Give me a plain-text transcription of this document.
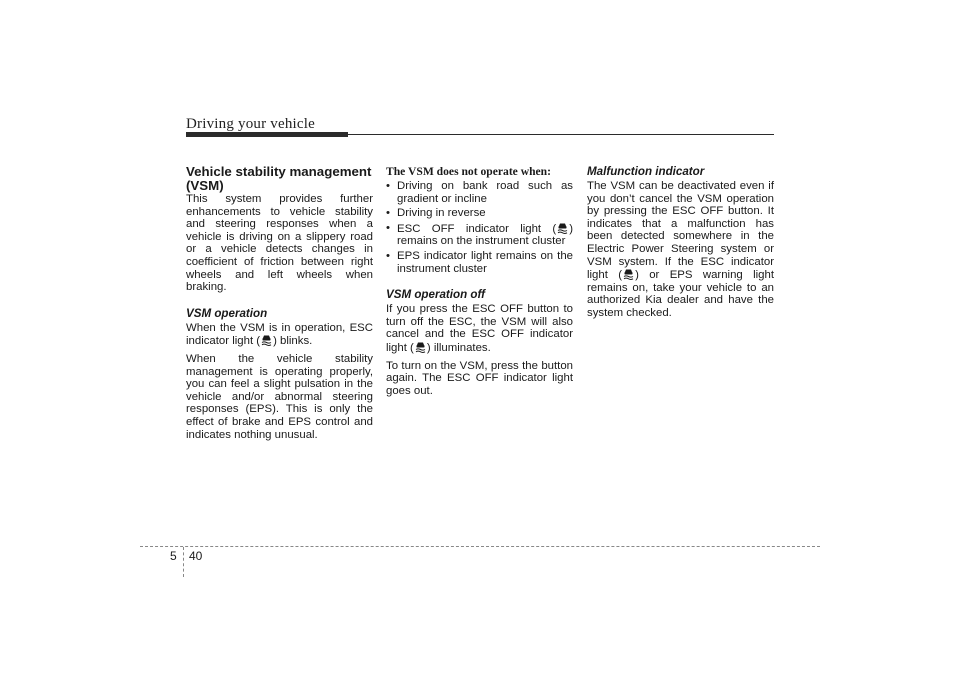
Driving your vehicle
Vehicle stability management (VSM)

This system provides further enhancements to vehicle stability and steering responses when a vehicle is driving on a slippery road or a vehicle detects changes in coefficient of friction between right wheels and left wheels when braking.

VSM operation

When the VSM is in operation, ESC indicator light ( ) blinks.

When the vehicle stability management is operating properly, you can feel a slight pulsation in the vehicle and/or abnormal steering responses (EPS). This is only the effect of brake and EPS control and indicates nothing unusual.

The VSM does not operate when:
• Driving on bank road such as gradient or incline
• Driving in reverse
• ESC OFF indicator light ( ) remains on the instrument cluster
• EPS indicator light remains on the instrument cluster
VSM operation off

If you press the ESC OFF button to turn off the ESC, the VSM will also cancel and the ESC OFF indicator light ( ) illuminates.

To turn on the VSM, press the button again. The ESC OFF indicator light goes out.

Malfunction indicator

The VSM can be deactivated even if you don’t cancel the VSM operation by pressing the ESC OFF button. It indicates that a malfunction has been detected somewhere in the Electric Power Steering system or VSM system. If the ESC indicator light ( ) or EPS warning light remains on, take your vehicle to an authorized Kia dealer and have the system checked.

5 40
